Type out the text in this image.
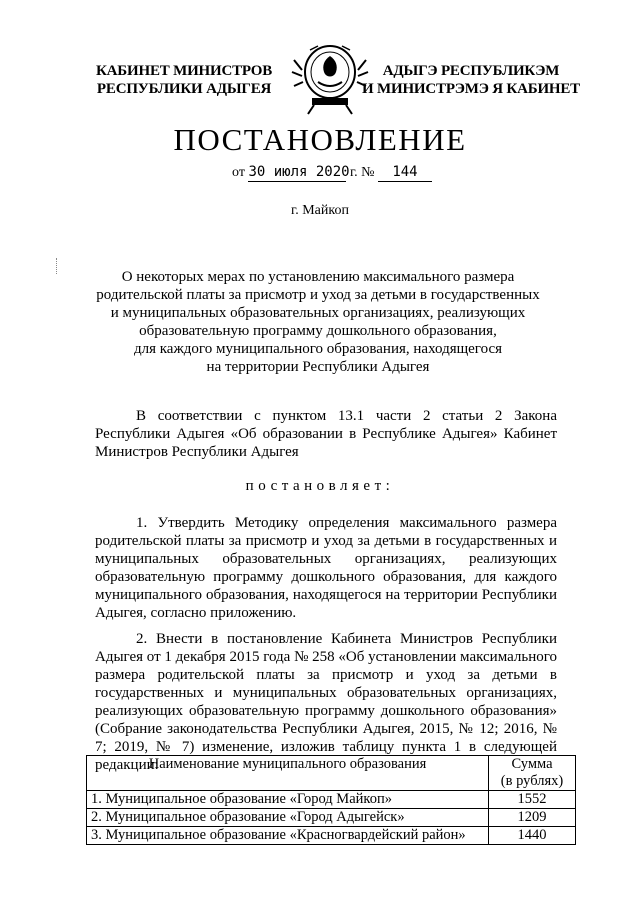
КАБИНЕТ МИНИСТРОВ
РЕСПУБЛИКИ АДЫГЕЯ
АДЫГЭ РЕСПУБЛИКЭМ
И МИНИСТРЭМЭ Я КАБИНЕТ
ПОСТАНОВЛЕНИЕ
от 30 июля 2020 г. № 144
г. Майкоп
О некоторых мерах по установлению максимального размера
родительской платы за присмотр и уход за детьми в государственных
и муниципальных образовательных организациях, реализующих
образовательную программу дошкольного образования,
для каждого муниципального образования, находящегося
на территории Республики Адыгея
В соответствии с пунктом 13.1 части 2 статьи 2 Закона Республики Адыгея «Об образовании в Республике Адыгея» Кабинет Министров Республики Адыгея
постановляет:
1. Утвердить Методику определения максимального размера родительской платы за присмотр и уход за детьми в государственных и муниципальных образовательных организациях, реализующих образовательную программу дошкольного образования, для каждого муниципального образования, находящегося на территории Республики Адыгея, согласно приложению.
2. Внести в постановление Кабинета Министров Республики Адыгея от 1 декабря 2015 года № 258 «Об установлении максимального размера родительской платы за присмотр и уход за детьми в государственных и муниципальных образовательных организациях, реализующих образовательную программу дошкольного образования» (Собрание законодательства Республики Адыгея, 2015, № 12; 2016, № 7; 2019, № 7) изменение, изложив таблицу пункта 1 в следующей редакции:
Наименование муниципального образования	Сумма
(в рублях)

1. Муниципальное образование «Город Майкоп»	1552
2. Муниципальное образование «Город Адыгейск»	1209
3. Муниципальное образование «Красногвардейский район»	1440
